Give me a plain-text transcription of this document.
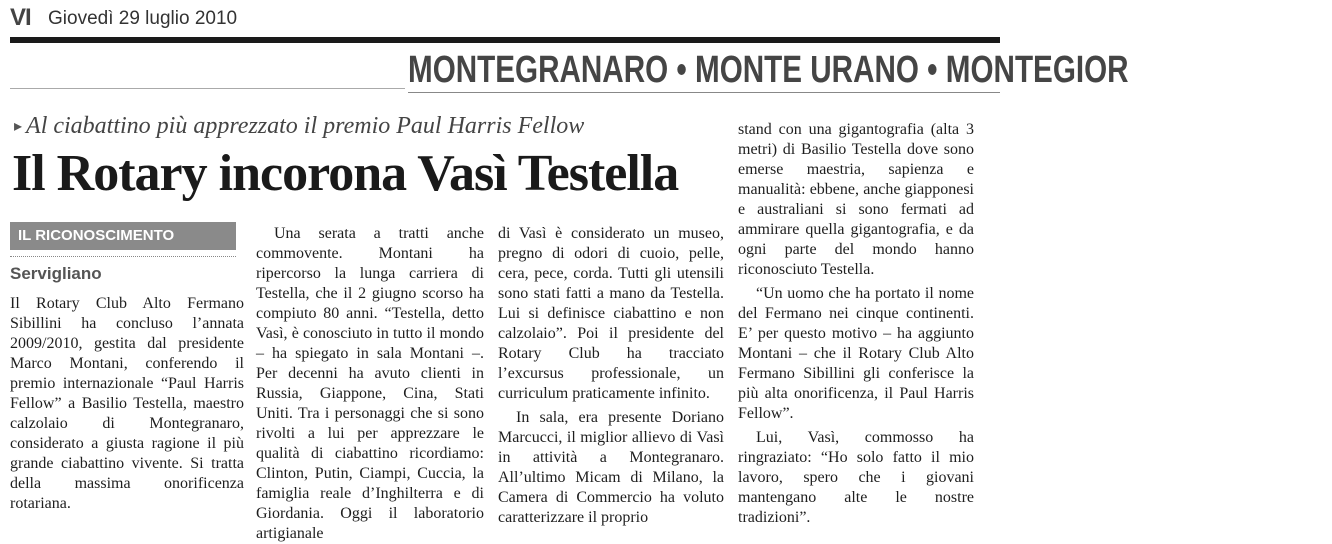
VI Giovedì 29 luglio 2010
MONTEGRANARO • MONTE URANO • MONTEGIOR
▸ Al ciabattino più apprezzato il premio Paul Harris Fellow
Il Rotary incorona Vasì Testella
IL RICONOSCIMENTO
Servigliano

Il Rotary Club Alto Fermano Sibillini ha concluso l’annata 2009/2010, gestita dal presidente Marco Montani, conferendo il premio internazionale “Paul Harris Fellow” a Basilio Testella, maestro calzolaio di Montegranaro, considerato a giusta ragione il più grande ciabattino vivente. Si tratta della massima onorificenza rotariana.

Una serata a tratti anche commovente. Montani ha ripercorso la lunga carriera di Testella, che il 2 giugno scorso ha compiuto 80 anni. “Testella, detto Vasì, è conosciuto in tutto il mondo – ha spiegato in sala Montani –. Per decenni ha avuto clienti in Russia, Giappone, Cina, Stati Uniti. Tra i personaggi che si sono rivolti a lui per apprezzare le qualità di ciabattino ricordiamo: Clinton, Putin, Ciampi, Cuccia, la famiglia reale d’Inghilterra e di Giordania. Oggi il laboratorio artigianale

di Vasì è considerato un museo, pregno di odori di cuoio, pelle, cera, pece, corda. Tutti gli utensili sono stati fatti a mano da Testella. Lui si definisce ciabattino e non calzolaio”. Poi il presidente del Rotary Club ha tracciato l’excursus professionale, un curriculum praticamente infinito.

In sala, era presente Doriano Marcucci, il miglior allievo di Vasì in attività a Montegranaro. All’ultimo Micam di Milano, la Camera di Commercio ha voluto caratterizzare il proprio

stand con una gigantografia (alta 3 metri) di Basilio Testella dove sono emerse maestria, sapienza e manualità: ebbene, anche giapponesi e australiani si sono fermati ad ammirare quella gigantografia, e da ogni parte del mondo hanno riconosciuto Testella.

“Un uomo che ha portato il nome del Fermano nei cinque continenti. E’ per questo motivo – ha aggiunto Montani – che il Rotary Club Alto Fermano Sibillini gli conferisce la più alta onorificenza, il Paul Harris Fellow”.

Lui, Vasì, commosso ha ringraziato: “Ho solo fatto il mio lavoro, spero che i giovani mantengano alte le nostre tradizioni”.
